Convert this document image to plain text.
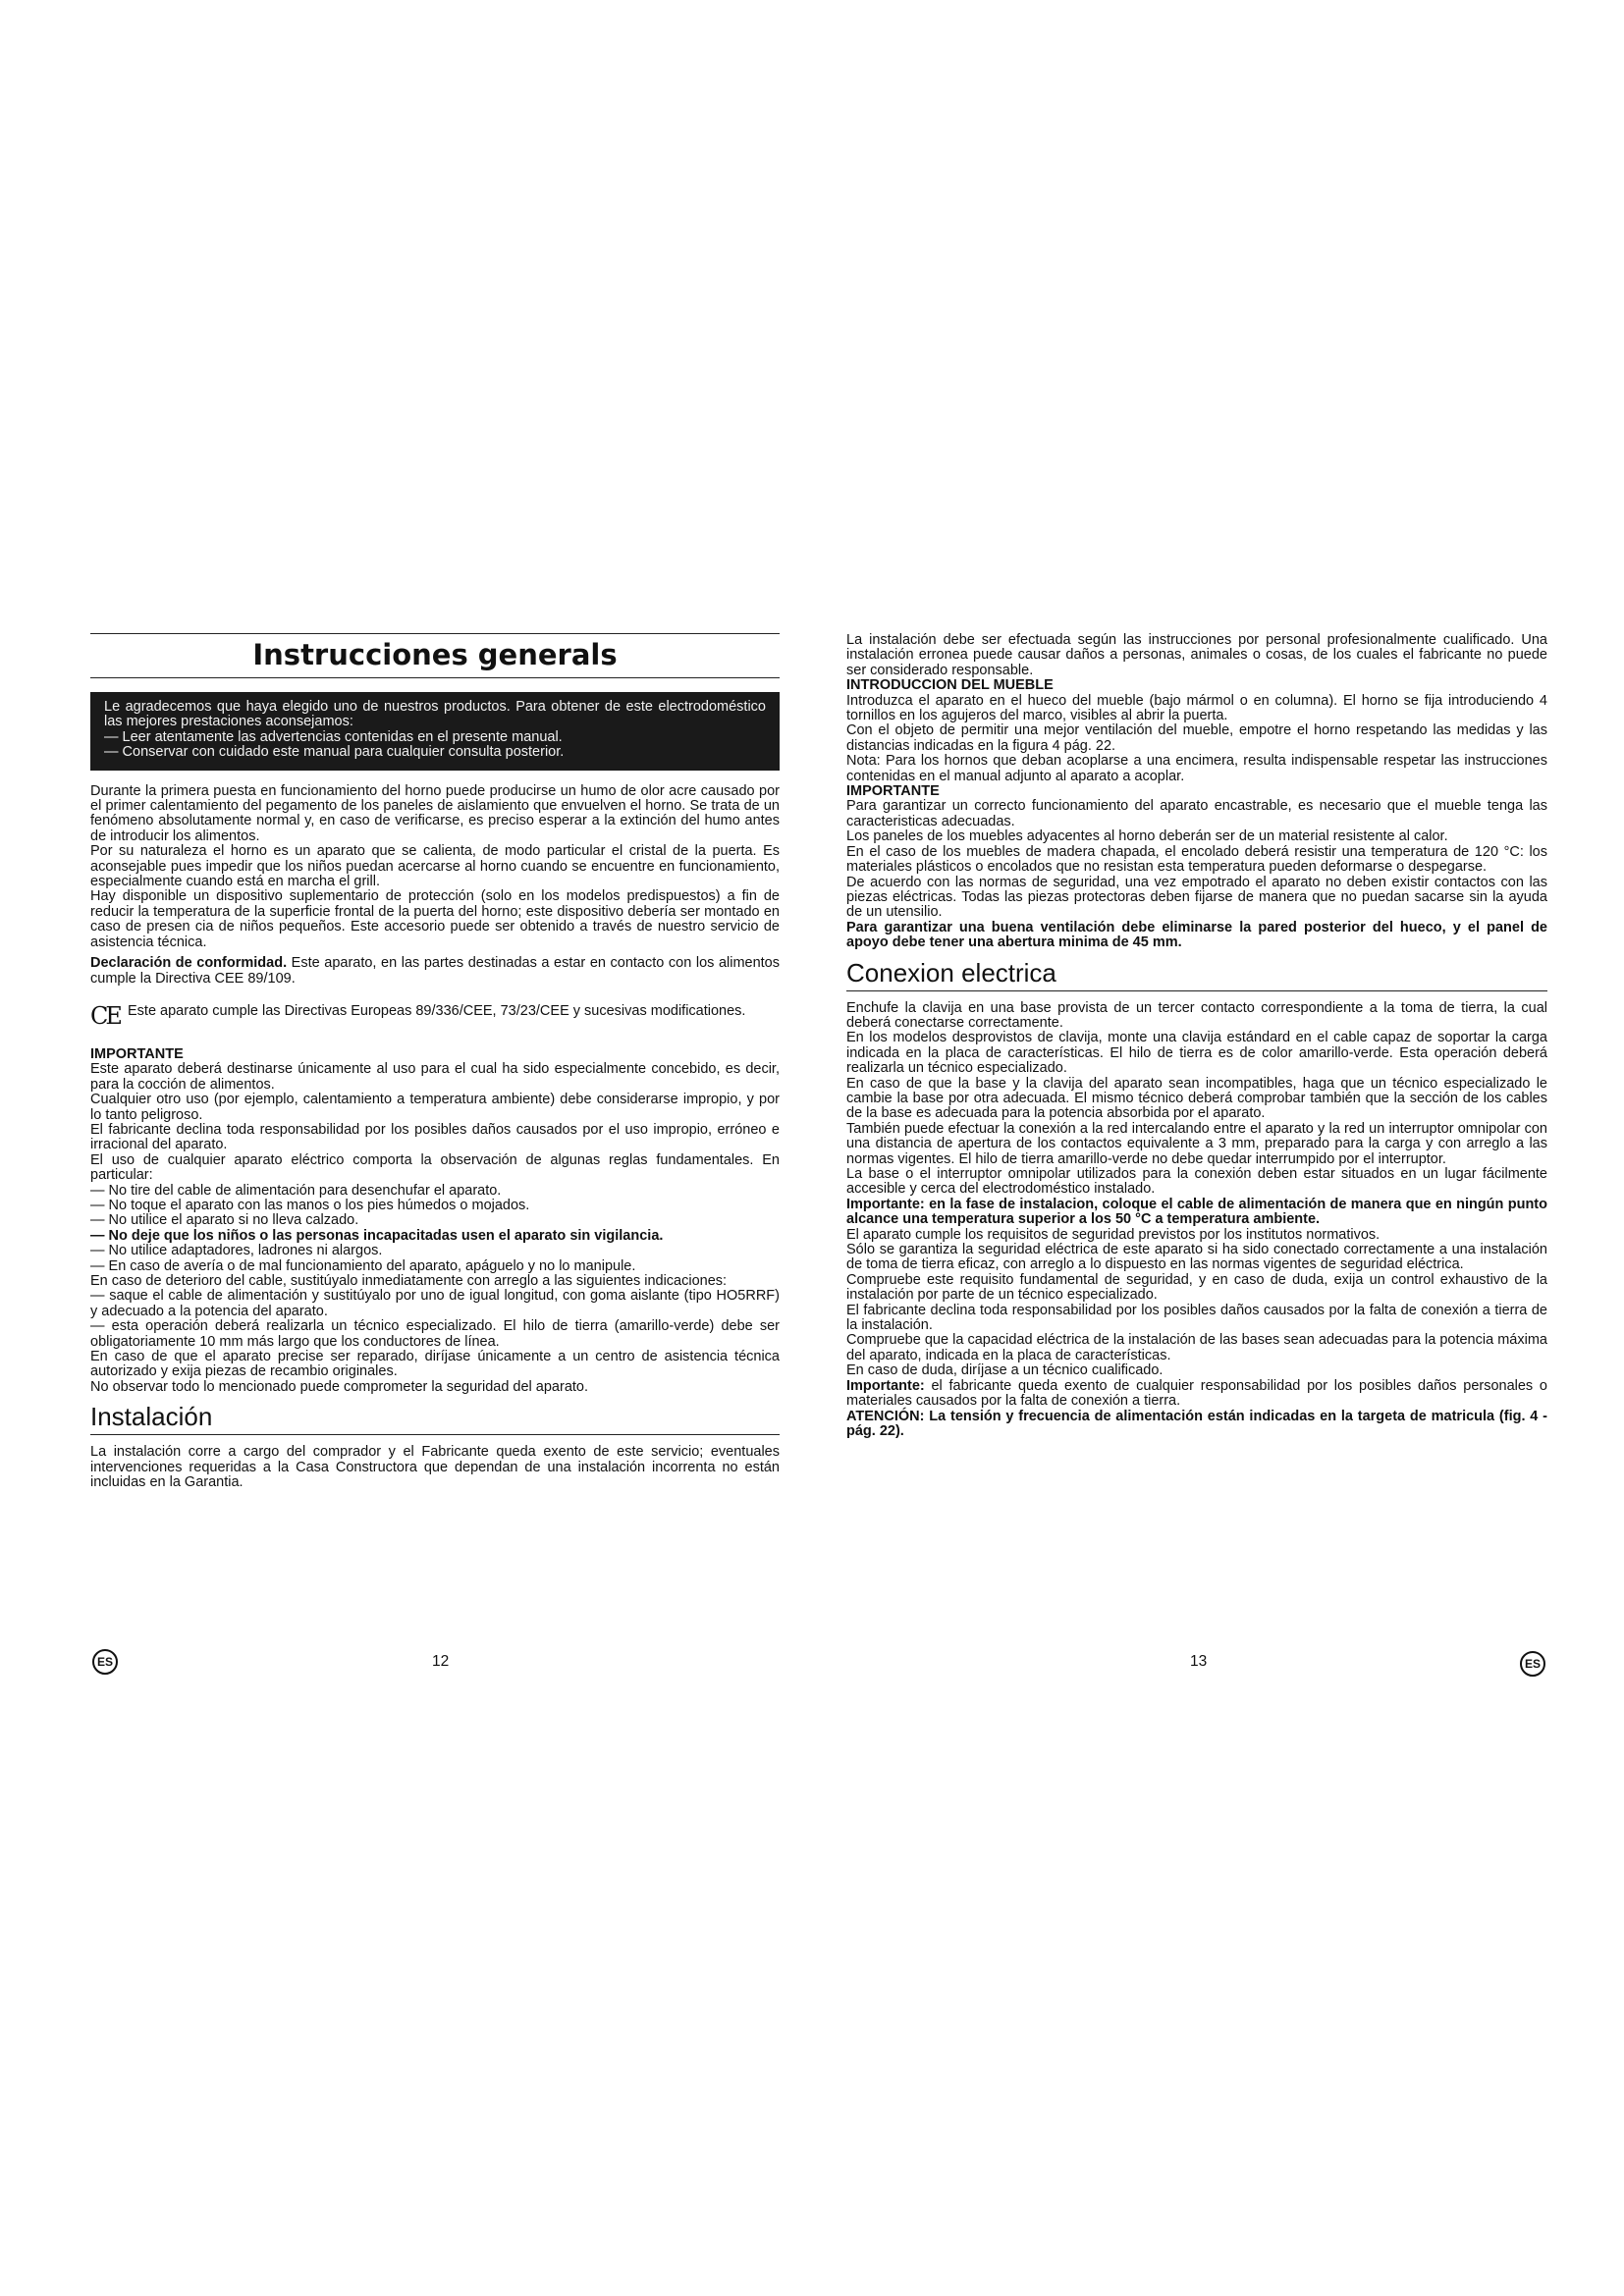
Instrucciones generals

Le agradecemos que haya elegido uno de nuestros productos. Para obtener de este electrodoméstico las mejores prestaciones aconsejamos:

— Leer atentamente las advertencias contenidas en el presente manual.

— Conservar con cuidado este manual para cualquier consulta posterior.

Durante la primera puesta en funcionamiento del horno puede producirse un humo de olor acre causado por el primer calentamiento del pegamento de los paneles de aislamiento que envuelven el horno. Se trata de un fenómeno absolutamente normal y, en caso de verificarse, es preciso esperar a la extinción del humo antes de introducir los alimentos.

Por su naturaleza el horno es un aparato que se calienta, de modo particular el cristal de la puerta. Es aconsejable pues impedir que los niños puedan acercarse al horno cuando se encuentre en funcionamiento, especialmente cuando está en marcha el grill.

Hay disponible un dispositivo suplementario de protección (solo en los modelos predispuestos) a fin de reducir la temperatura de la superficie frontal de la puerta del horno; este dispositivo debería ser montado en caso de presen cia de niños pequeños. Este accesorio puede ser obtenido a través de nuestro servicio de asistencia técnica.

Declaración de conformidad. Este aparato, en las partes destinadas a estar en contacto con los alimentos cumple la Directiva CEE 89/109.

CE Este aparato cumple las Directivas Europeas 89/336/CEE, 73/23/CEE y sucesivas modificationes.

IMPORTANTE

Este aparato deberá destinarse únicamente al uso para el cual ha sido especialmente concebido, es decir, para la cocción de alimentos.

Cualquier otro uso (por ejemplo, calentamiento a temperatura ambiente) debe considerarse impropio, y por lo tanto peligroso.

El fabricante declina toda responsabilidad por los posibles daños causados por el uso impropio, erróneo e irracional del aparato.

El uso de cualquier aparato eléctrico comporta la observación de algunas reglas fundamentales. En particular:

— No tire del cable de alimentación para desenchufar el aparato.

— No toque el aparato con las manos o los pies húmedos o mojados.

— No utilice el aparato si no lleva calzado.

— No deje que los niños o las personas incapacitadas usen el aparato sin vigilancia.

— No utilice adaptadores, ladrones ni alargos.

— En caso de avería o de mal funcionamiento del aparato, apáguelo y no lo manipule.

En caso de deterioro del cable, sustitúyalo inmediatamente con arreglo a las siguientes indicaciones:

— saque el cable de alimentación y sustitúyalo por uno de igual longitud, con goma aislante (tipo HO5RRF) y adecuado a la potencia del aparato.

— esta operación deberá realizarla un técnico especializado. El hilo de tierra (amarillo-verde) debe ser obligatoriamente 10 mm más largo que los conductores de línea.

En caso de que el aparato precise ser reparado, diríjase únicamente a un centro de asistencia técnica autorizado y exija piezas de recambio originales.

No observar todo lo mencionado puede comprometer la seguridad del aparato.

Instalación

La instalación corre a cargo del comprador y el Fabricante queda exento de este servicio; eventuales intervenciones requeridas a la Casa Constructora que dependan de una instalación incorrenta no están incluidas en la Garantia.

La instalación debe ser efectuada según las instrucciones por personal profesionalmente cualificado. Una instalación erronea puede causar daños a personas, animales o cosas, de los cuales el fabricante no puede ser considerado responsable.

INTRODUCCION DEL MUEBLE

Introduzca el aparato en el hueco del mueble (bajo mármol o en columna). El horno se fija introduciendo 4 tornillos en los agujeros del marco, visibles al abrir la puerta.

Con el objeto de permitir una mejor ventilación del mueble, empotre el horno respetando las medidas y las distancias indicadas en la figura 4 pág. 22.

Nota: Para los hornos que deban acoplarse a una encimera, resulta indispensable respetar las instrucciones contenidas en el manual adjunto al aparato a acoplar.

IMPORTANTE

Para garantizar un correcto funcionamiento del aparato encastrable, es necesario que el mueble tenga las caracteristicas adecuadas.

Los paneles de los muebles adyacentes al horno deberán ser de un material resistente al calor.

En el caso de los muebles de madera chapada, el encolado deberá resistir una temperatura de 120 °C: los materiales plásticos o encolados que no resistan esta temperatura pueden deformarse o despegarse.

De acuerdo con las normas de seguridad, una vez empotrado el aparato no deben existir contactos con las piezas eléctricas. Todas las piezas protectoras deben fijarse de manera que no puedan sacarse sin la ayuda de un utensilio.

Para garantizar una buena ventilación debe eliminarse la pared posterior del hueco, y el panel de apoyo debe tener una abertura minima de 45 mm.

Conexion electrica

Enchufe la clavija en una base provista de un tercer contacto correspondiente a la toma de tierra, la cual deberá conectarse correctamente.

En los modelos desprovistos de clavija, monte una clavija estándard en el cable capaz de soportar la carga indicada en la placa de características. El hilo de tierra es de color amarillo-verde. Esta operación deberá realizarla un técnico especializado.

En caso de que la base y la clavija del aparato sean incompatibles, haga que un técnico especializado le cambie la base por otra adecuada. El mismo técnico deberá comprobar también que la sección de los cables de la base es adecuada para la potencia absorbida por el aparato.

También puede efectuar la conexión a la red intercalando entre el aparato y la red un interruptor omnipolar con una distancia de apertura de los contactos equivalente a 3 mm, preparado para la carga y con arreglo a las normas vigentes. El hilo de tierra amarillo-verde no debe quedar interrumpido por el interruptor.

La base o el interruptor omnipolar utilizados para la conexión deben estar situados en un lugar fácilmente accesible y cerca del electrodoméstico instalado.

Importante: en la fase de instalacion, coloque el cable de alimentación de manera que en ningún punto alcance una temperatura superior a los 50 °C a temperatura ambiente.

El aparato cumple los requisitos de seguridad previstos por los institutos normativos.

Sólo se garantiza la seguridad eléctrica de este aparato si ha sido conectado correctamente a una instalación de toma de tierra eficaz, con arreglo a lo dispuesto en las normas vigentes de seguridad eléctrica.

Compruebe este requisito fundamental de seguridad, y en caso de duda, exija un control exhaustivo de la instalación por parte de un técnico especializado.

El fabricante declina toda responsabilidad por los posibles daños causados por la falta de conexión a tierra de la instalación.

Compruebe que la capacidad eléctrica de la instalación de las bases sean adecuadas para la potencia máxima del aparato, indicada en la placa de características.

En caso de duda, diríjase a un técnico cualificado.

Importante: el fabricante queda exento de cualquier responsabilidad por los posibles daños personales o materiales causados por la falta de conexión a tierra.

ATENCIÓN: La tensión y frecuencia de alimentación están indicadas en la targeta de matricula (fig. 4 - pág. 22).

ES	12	13	ES
